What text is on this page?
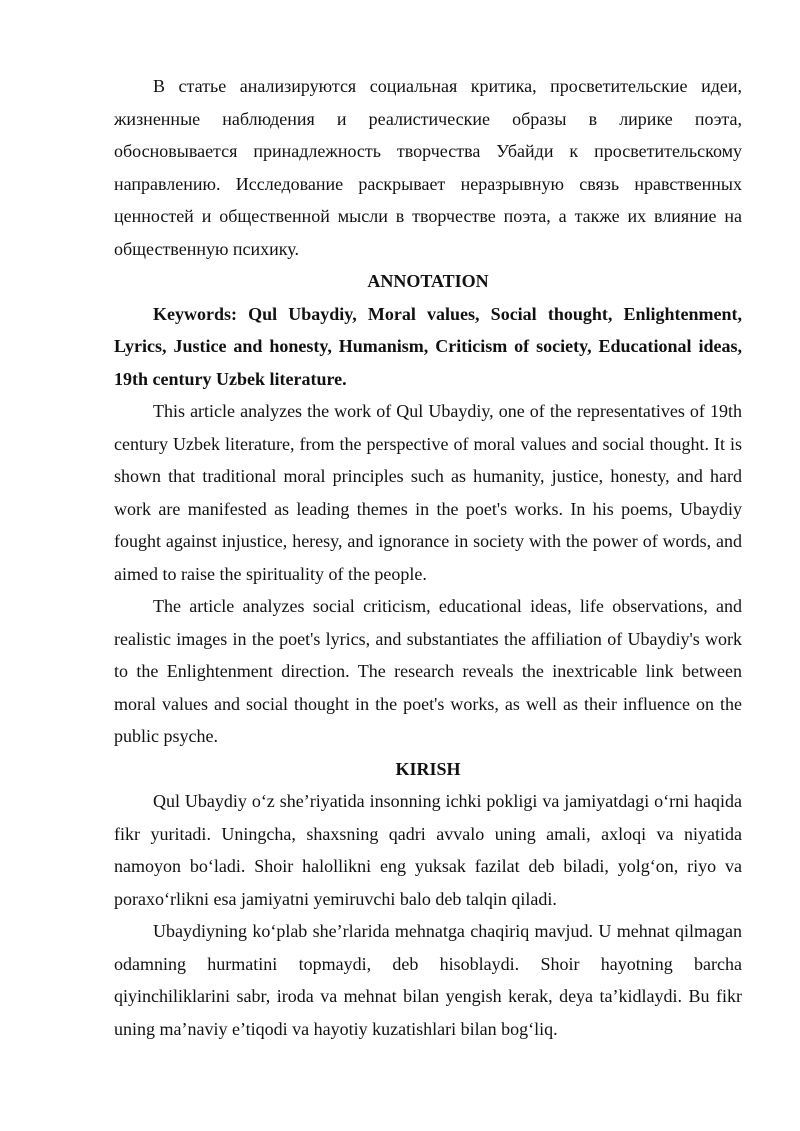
В статье анализируются социальная критика, просветительские идеи, жизненные наблюдения и реалистические образы в лирике поэта, обосновывается принадлежность творчества Убайди к просветительскому направлению. Исследование раскрывает неразрывную связь нравственных ценностей и общественной мысли в творчестве поэта, а также их влияние на общественную психику.

ANNOTATION

Keywords: Qul Ubaydiy, Moral values, Social thought, Enlightenment, Lyrics, Justice and honesty, Humanism, Criticism of society, Educational ideas, 19th century Uzbek literature.

This article analyzes the work of Qul Ubaydiy, one of the representatives of 19th century Uzbek literature, from the perspective of moral values and social thought. It is shown that traditional moral principles such as humanity, justice, honesty, and hard work are manifested as leading themes in the poet's works. In his poems, Ubaydiy fought against injustice, heresy, and ignorance in society with the power of words, and aimed to raise the spirituality of the people.

The article analyzes social criticism, educational ideas, life observations, and realistic images in the poet's lyrics, and substantiates the affiliation of Ubaydiy's work to the Enlightenment direction. The research reveals the inextricable link between moral values and social thought in the poet's works, as well as their influence on the public psyche.

KIRISH

Qul Ubaydiy o‘z she’riyatida insonning ichki pokligi va jamiyatdagi o‘rni haqida fikr yuritadi. Uningcha, shaxsning qadri avvalo uning amali, axloqi va niyatida namoyon bo‘ladi. Shoir halollikni eng yuksak fazilat deb biladi, yolg‘on, riyo va poraxo‘rlikni esa jamiyatni yemiruvchi balo deb talqin qiladi.

Ubaydiyning ko‘plab she’rlarida mehnatga chaqiriq mavjud. U mehnat qilmagan odamning hurmatini topmaydi, deb hisoblaydi. Shoir hayotning barcha qiyinchiliklarini sabr, iroda va mehnat bilan yengish kerak, deya ta’kidlaydi. Bu fikr uning ma’naviy e’tiqodi va hayotiy kuzatishlari bilan bog‘liq.
